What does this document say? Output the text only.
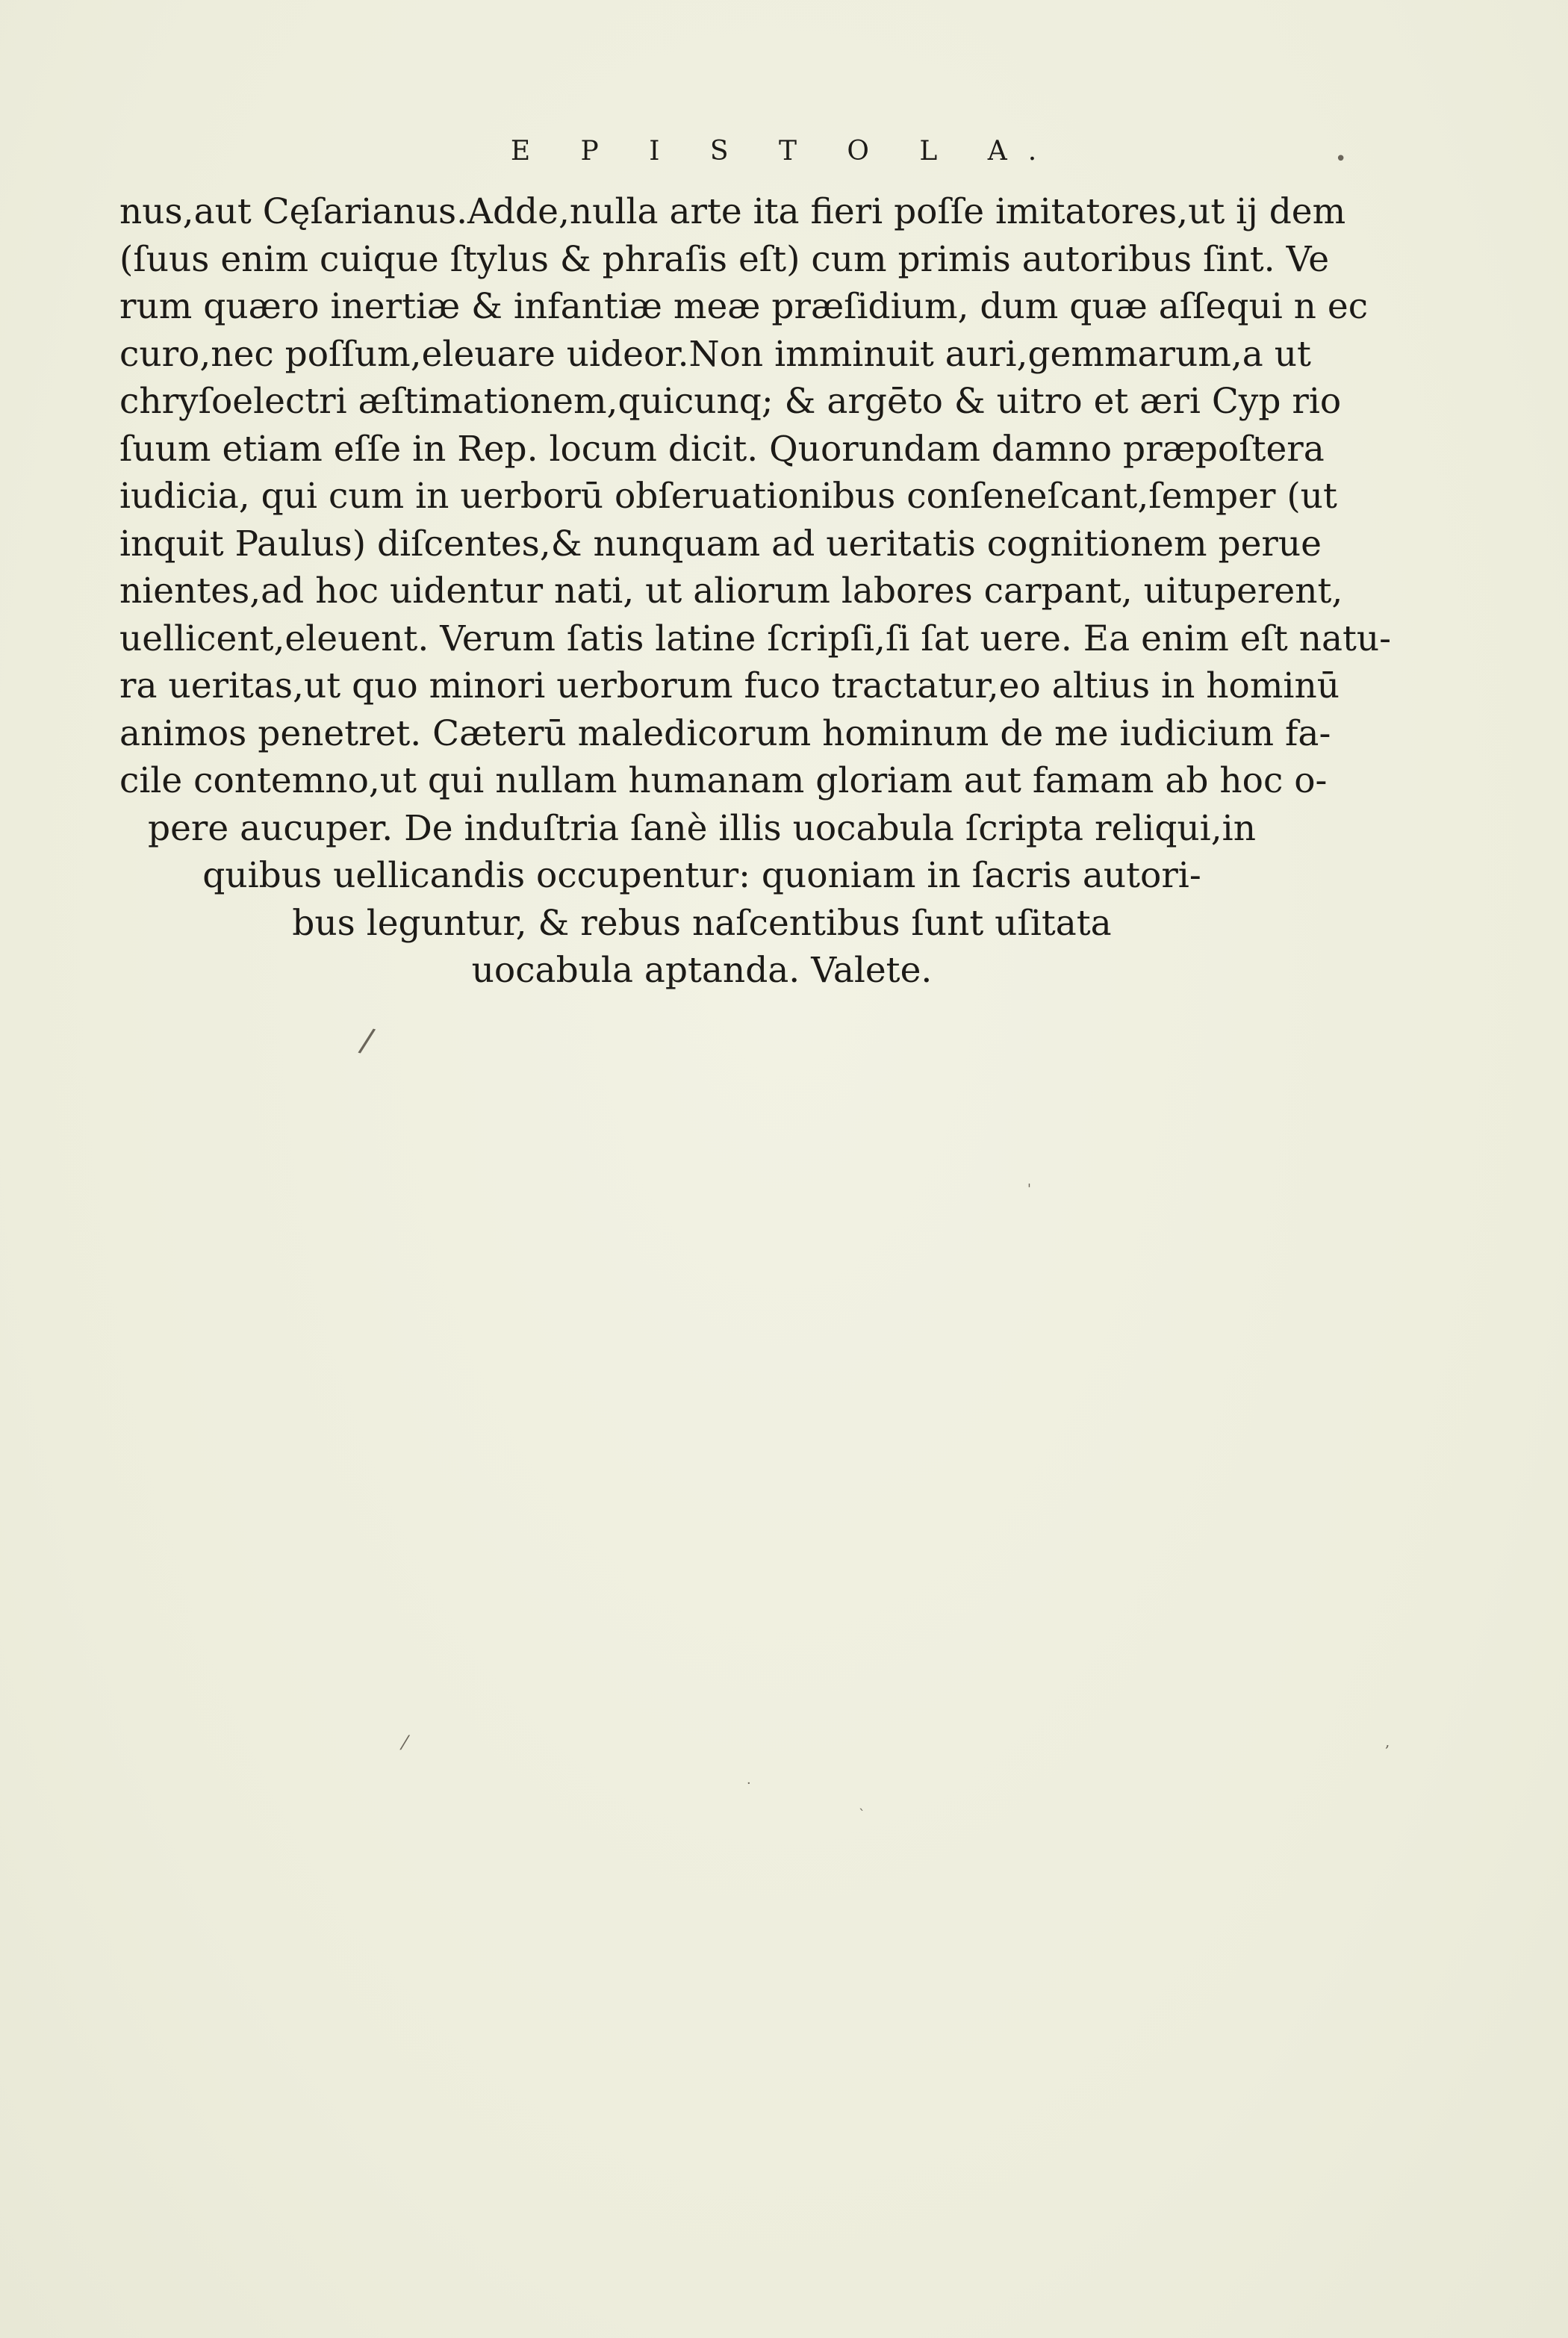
E P I S T O L A.
nus,aut Cęſarianus.Adde,nulla arte ita fieri poſſe imitatores,ut ij dem
(ſuus enim cuique ſtylus & phraſis eſt) cum primis autoribus ſint. Ve
rum quæro inertiæ & infantiæ meæ præſidium, dum quæ aſſequi n ec
curo,nec poſſum,eleuare uideor.Non imminuit auri,gemmarum,a ut
chryſoelectri æſtimationem,quicunq; & argēto & uitro et æri Cyp rio
ſuum etiam eſſe in Rep. locum dicit. Quorundam damno præpoſtera
iudicia, qui cum in uerborū obſeruationibus conſeneſcant,ſemper (ut
inquit Paulus) diſcentes,& nunquam ad ueritatis cognitionem perue
nientes,ad hoc uidentur nati, ut aliorum labores carpant, uituperent,
uellicent,eleuent. Verum ſatis latine ſcripſi,ſi ſat uere. Ea enim eſt natu-
ra ueritas,ut quo minori uerborum fuco tractatur,eo altius in hominū
animos penetret. Cæterū maledicorum hominum de me iudicium fa-
cile contemno,ut qui nullam humanam gloriam aut famam ab hoc o-
pere aucuper. De induſtria ſanè illis uocabula ſcripta reliqui,in
quibus uellicandis occupentur: quoniam in ſacris autori-
bus leguntur, & rebus naſcentibus ſunt uſitata
uocabula aptanda. Valete.
/
•
'
⁄
·
ˋ
,
